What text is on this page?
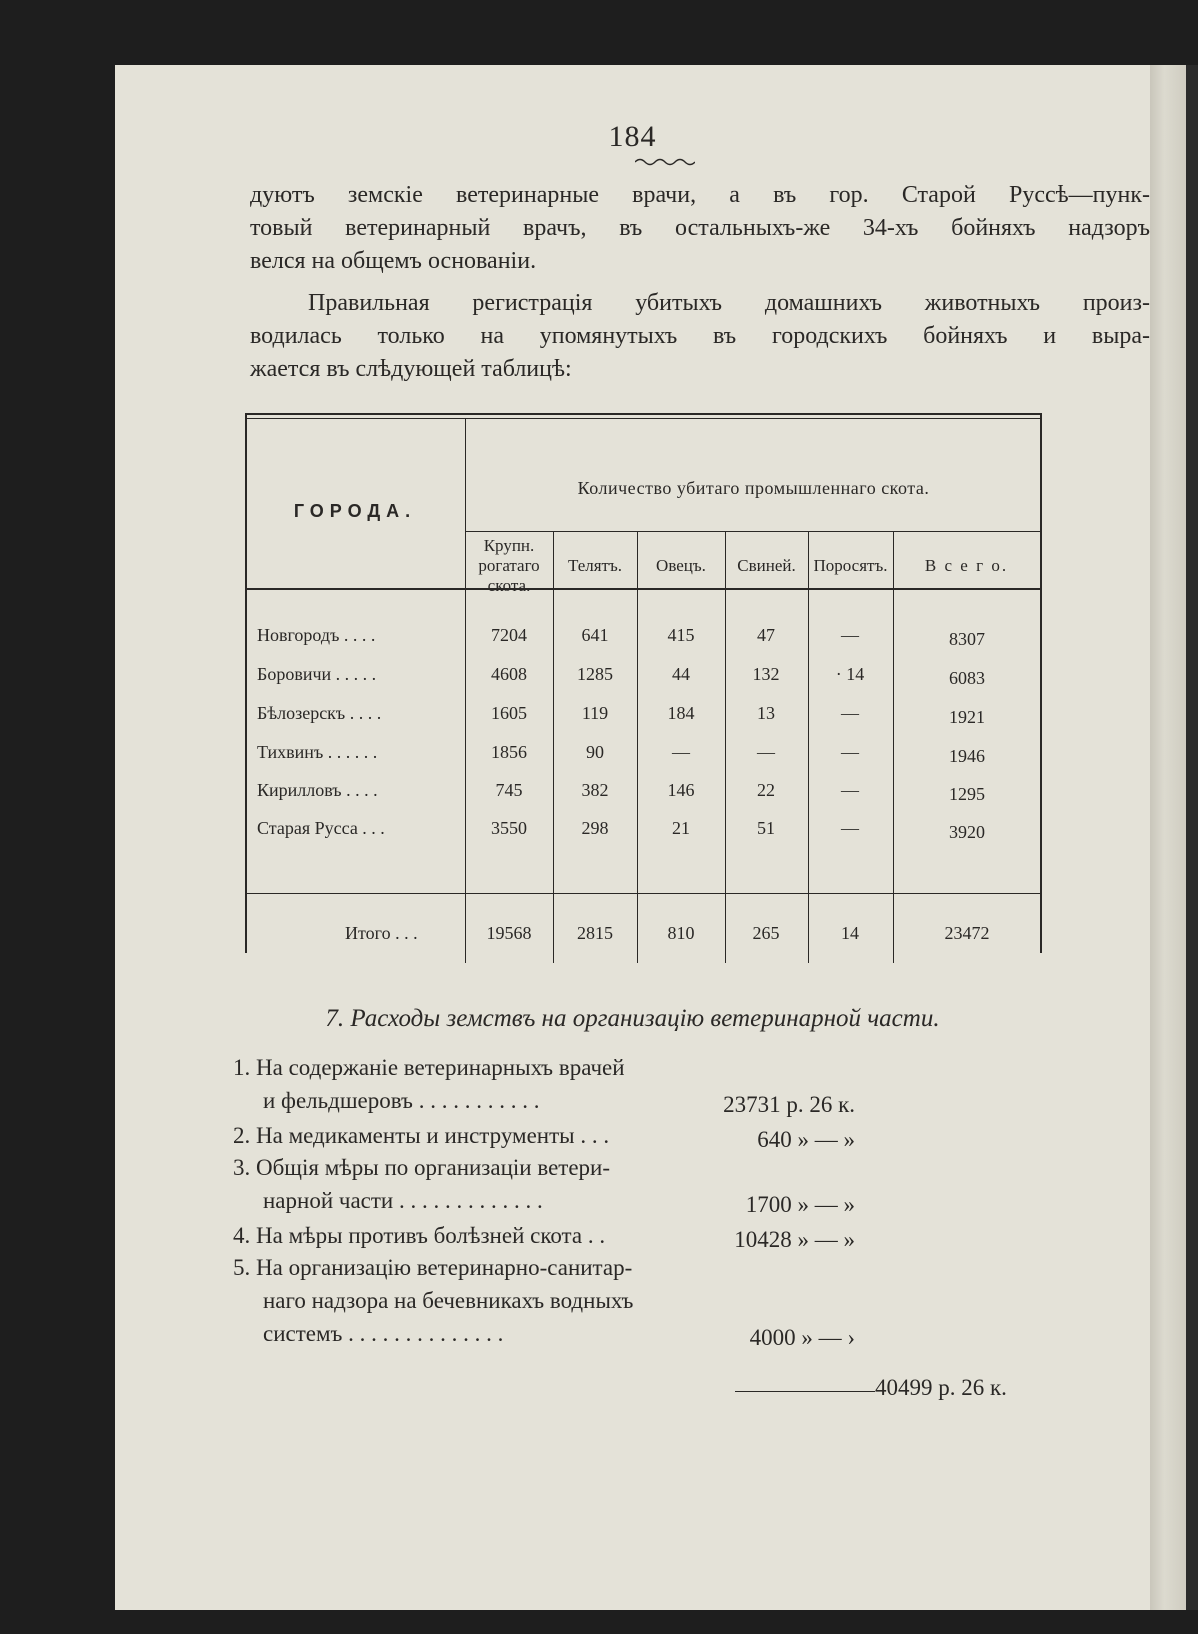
184
дуютъ земскіе ветеринарные врачи, а въ гор. Старой Руссѣ—пунк-
товый ветеринарный врачъ, въ остальныхъ-же 34-хъ бойняхъ надзоръ
велся на общемъ основаніи.
Правильная регистрація убитыхъ домашнихъ животныхъ произ-
водилась только на упомянутыхъ въ городскихъ бойняхъ и выра-
жается въ слѣдующей таблицѣ:
ГОРОДА.
Количество убитаго промышленнаго скота.
Крупн.
рогатаго
скота.
Телятъ.	Овецъ.	Свиней.	Поросятъ.	В с е г о.
Новгородъ . . . .	7204	641	415	47	—	8307
Боровичи . . . . .	4608	1285	44	132	· 14	6083
Бѣлозерскъ . . . .	1605	119	184	13	—	1921
Тихвинъ . . . . . .	1856	90	—	—	—	1946
Кирилловъ . . . .	745	382	146	22	—	1295
Старая Русса . . .	3550	298	21	51	—	3920
Итого . . .	19568	2815	810	265	14	23472
7. Расходы земствъ на организацію ветеринарной части.
1. На содержаніе ветеринарныхъ врачей
и фельдшеровъ . . . . . . . . . . .	23731 р. 26 к.
2. На медикаменты и инструменты . . .	640 » — »
3. Общія мѣры по организаціи ветери-
нарной части . . . . . . . . . . . . .	1700 » — »
4. На мѣры противъ болѣзней скота . .	10428 » — »
5. На организацію ветеринарно-санитар-
наго надзора на бечевникахъ водныхъ
системъ . . . . . . . . . . . . . .	4000 » — ›
40499 р. 26 к.
